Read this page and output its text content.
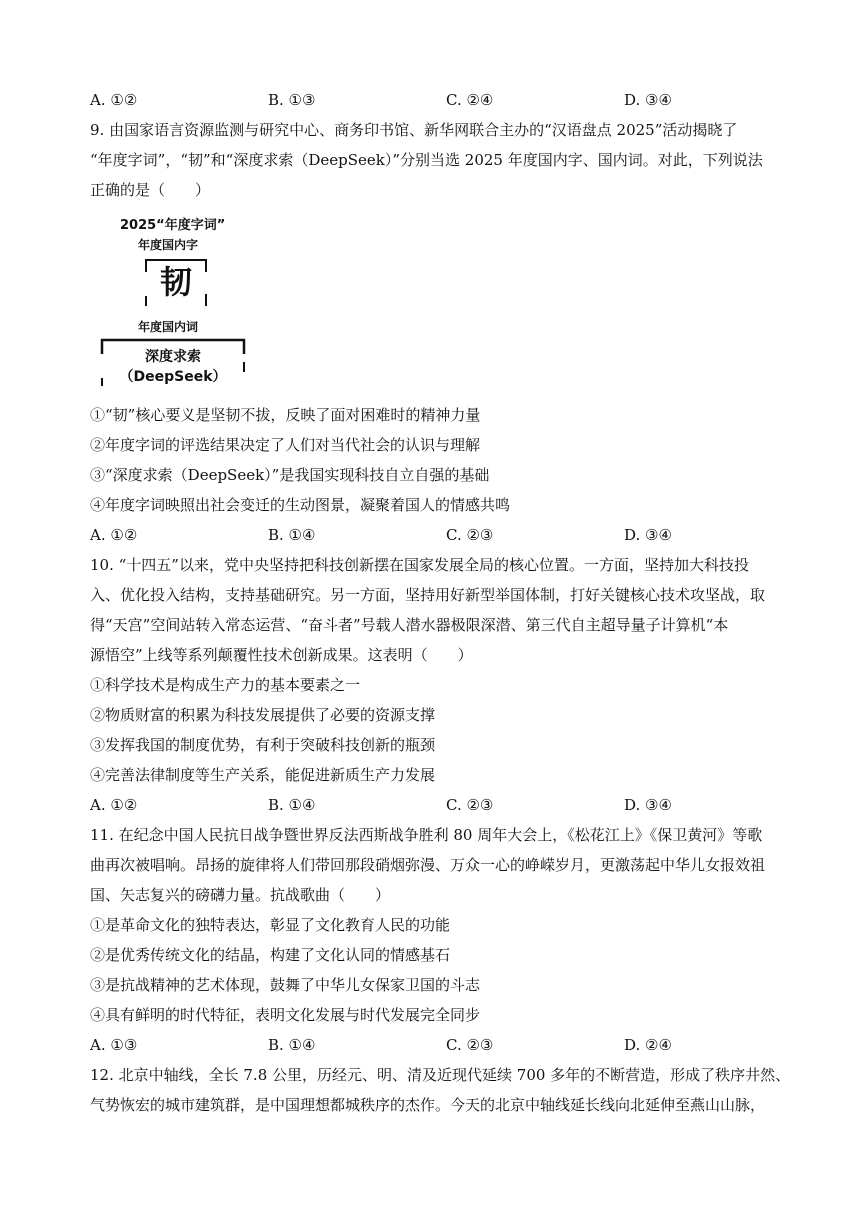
A. ①②	B. ①③	C. ②④	D. ③④
9. 由国家语言资源监测与研究中心、商务印书馆、新华网联合主办的“汉语盘点 2025”活动揭晓了
“年度字词”，“韧”和“深度求索（DeepSeek）”分别当选 2025 年度国内字、国内词。对此，下列说法
正确的是（　　）
2025“年度字词”
年度国内字
韧
年度国内词
深度求索
（DeepSeek）
①“韧”核心要义是坚韧不拔，反映了面对困难时的精神力量
②年度字词的评选结果决定了人们对当代社会的认识与理解
③“深度求索（DeepSeek）”是我国实现科技自立自强的基础
④年度字词映照出社会变迁的生动图景，凝聚着国人的情感共鸣
A. ①②	B. ①④	C. ②③	D. ③④
10. “十四五”以来，党中央坚持把科技创新摆在国家发展全局的核心位置。一方面，坚持加大科技投
入、优化投入结构，支持基础研究。另一方面，坚持用好新型举国体制，打好关键核心技术攻坚战，取
得“天宫”空间站转入常态运营、“奋斗者”号载人潜水器极限深潜、第三代自主超导量子计算机“本
源悟空”上线等系列颠覆性技术创新成果。这表明（　　）
①科学技术是构成生产力的基本要素之一
②物质财富的积累为科技发展提供了必要的资源支撑
③发挥我国的制度优势，有利于突破科技创新的瓶颈
④完善法律制度等生产关系，能促进新质生产力发展
A. ①②	B. ①④	C. ②③	D. ③④
11. 在纪念中国人民抗日战争暨世界反法西斯战争胜利 80 周年大会上，《松花江上》《保卫黄河》等歌
曲再次被唱响。昂扬的旋律将人们带回那段硝烟弥漫、万众一心的峥嵘岁月，更激荡起中华儿女报效祖
国、矢志复兴的磅礴力量。抗战歌曲（　　）
①是革命文化的独特表达，彰显了文化教育人民的功能
②是优秀传统文化的结晶，构建了文化认同的情感基石
③是抗战精神的艺术体现，鼓舞了中华儿女保家卫国的斗志
④具有鲜明的时代特征，表明文化发展与时代发展完全同步
A. ①③	B. ①④	C. ②③	D. ②④
12. 北京中轴线，全长 7.8 公里，历经元、明、清及近现代延续 700 多年的不断营造，形成了秩序井然、
气势恢宏的城市建筑群，是中国理想都城秩序的杰作。今天的北京中轴线延长线向北延伸至燕山山脉，
